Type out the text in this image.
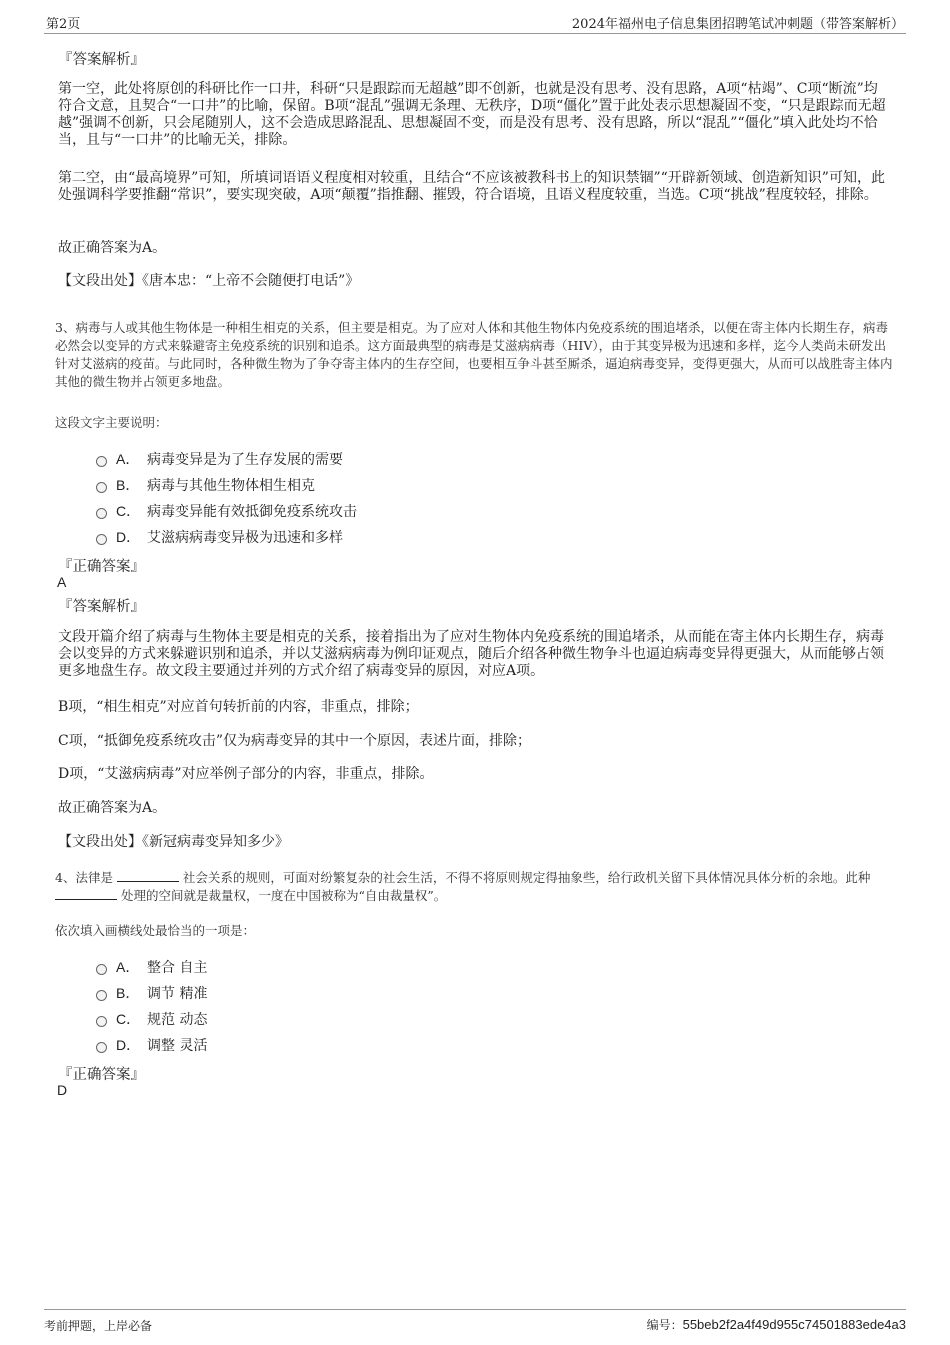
第2页	2024年福州电子信息集团招聘笔试冲刺题（带答案解析）
『答案解析』
第一空，此处将原创的科研比作一口井，科研“只是跟踪而无超越”即不创新，也就是没有思考、没有思路，A项“枯竭”、C项“断流”均符合文意，且契合“一口井”的比喻，保留。B项“混乱”强调无条理、无秩序，D项“僵化”置于此处表示思想凝固不变，“只是跟踪而无超越”强调不创新，只会尾随别人，这不会造成思路混乱、思想凝固不变，而是没有思考、没有思路，所以“混乱”“僵化”填入此处均不恰当，且与“一口井”的比喻无关，排除。
第二空，由“最高境界”可知，所填词语语义程度相对较重，且结合“不应该被教科书上的知识禁锢”“开辟新领域、创造新知识”可知，此处强调科学要推翻“常识”，要实现突破，A项“颠覆”指推翻、摧毁，符合语境，且语义程度较重，当选。C项“挑战”程度较轻，排除。
故正确答案为A。
【文段出处】《唐本忠：“上帝不会随便打电话”》
3、病毒与人或其他生物体是一种相生相克的关系，但主要是相克。为了应对人体和其他生物体内免疫系统的围追堵杀，以便在寄主体内长期生存，病毒必然会以变异的方式来躲避寄主免疫系统的识别和追杀。这方面最典型的病毒是艾滋病病毒（HIV），由于其变异极为迅速和多样，迄今人类尚未研发出针对艾滋病的疫苗。与此同时，各种微生物为了争夺寄主体内的生存空间，也要相互争斗甚至厮杀，逼迫病毒变异，变得更强大，从而可以战胜寄主体内其他的微生物并占领更多地盘。
这段文字主要说明：
A． 病毒变异是为了生存发展的需要
B． 病毒与其他生物体相生相克
C． 病毒变异能有效抵御免疫系统攻击
D． 艾滋病病毒变异极为迅速和多样
『正确答案』
A
『答案解析』
文段开篇介绍了病毒与生物体主要是相克的关系，接着指出为了应对生物体内免疫系统的围追堵杀，从而能在寄主体内长期生存，病毒会以变异的方式来躲避识别和追杀，并以艾滋病病毒为例印证观点，随后介绍各种微生物争斗也逼迫病毒变异得更强大，从而能够占领更多地盘生存。故文段主要通过并列的方式介绍了病毒变异的原因，对应A项。
B项，“相生相克”对应首句转折前的内容，非重点，排除；
C项，“抵御免疫系统攻击”仅为病毒变异的其中一个原因，表述片面，排除；
D项，“艾滋病病毒”对应举例子部分的内容，非重点，排除。
故正确答案为A。
【文段出处】《新冠病毒变异知多少》
4、法律是	社会关系的规则，可面对纷繁复杂的社会生活，不得不将原则规定得抽象些，给行政机关留下具体情况具体分析的余地。此种  处理的空间就是裁量权，一度在中国被称为“自由裁量权”。
依次填入画横线处最恰当的一项是：
A． 整合 自主
B． 调节 精准
C． 规范 动态
D． 调整 灵活
『正确答案』
D
考前押题，上岸必备	编号：55beb2f2a4f49d955c74501883ede4a3
